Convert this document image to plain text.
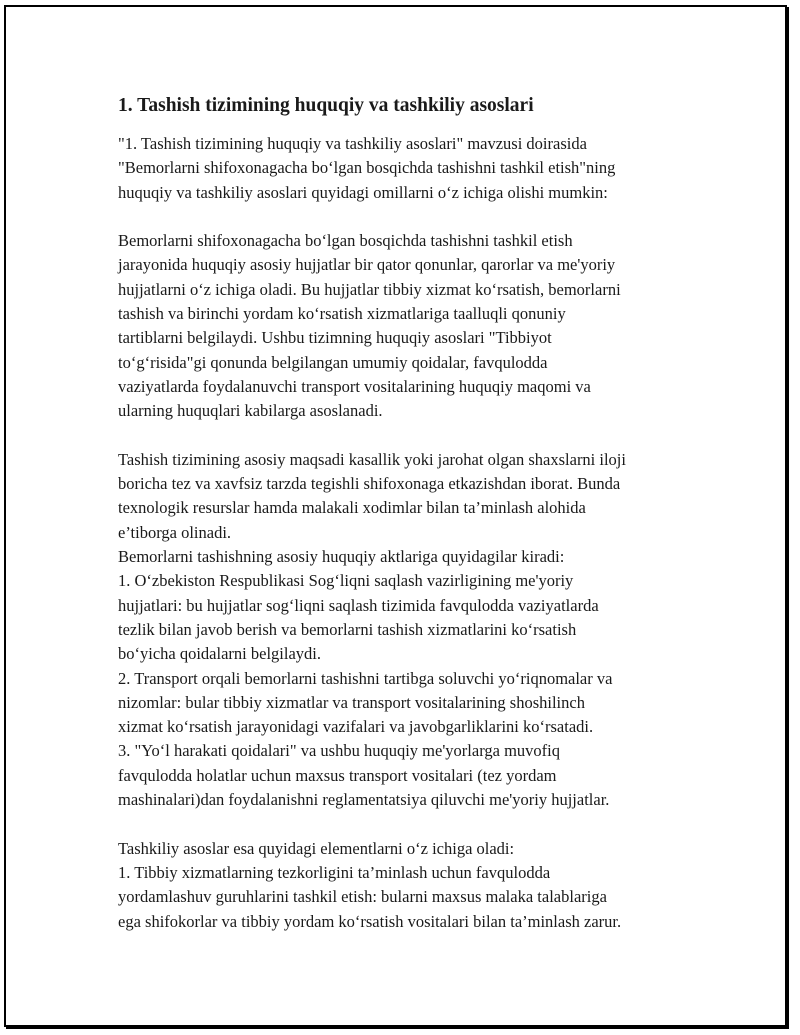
1. Tashish tizimining huquqiy va tashkiliy asoslari

"1. Tashish tizimining huquqiy va tashkiliy asoslari" mavzusi doirasida
"Bemorlarni shifoxonagacha bo‘lgan bosqichda tashishni tashkil etish"ning
huquqiy va tashkiliy asoslari quyidagi omillarni o‘z ichiga olishi mumkin:

Bemorlarni shifoxonagacha bo‘lgan bosqichda tashishni tashkil etish
jarayonida huquqiy asosiy hujjatlar bir qator qonunlar, qarorlar va me'yoriy
hujjatlarni o‘z ichiga oladi. Bu hujjatlar tibbiy xizmat ko‘rsatish, bemorlarni
tashish va birinchi yordam ko‘rsatish xizmatlariga taalluqli qonuniy
tartiblarni belgilaydi. Ushbu tizimning huquqiy asoslari "Tibbiyot
to‘g‘risida"gi qonunda belgilangan umumiy qoidalar, favqulodda
vaziyatlarda foydalanuvchi transport vositalarining huquqiy maqomi va
ularning huquqlari kabilarga asoslanadi.

Tashish tizimining asosiy maqsadi kasallik yoki jarohat olgan shaxslarni iloji
boricha tez va xavfsiz tarzda tegishli shifoxonaga etkazishdan iborat. Bunda
texnologik resurslar hamda malakali xodimlar bilan ta’minlash alohida
e’tiborga olinadi.
Bemorlarni tashishning asosiy huquqiy aktlariga quyidagilar kiradi:
1. O‘zbekiston Respublikasi Sog‘liqni saqlash vazirligining me'yoriy
hujjatlari: bu hujjatlar sog‘liqni saqlash tizimida favqulodda vaziyatlarda
tezlik bilan javob berish va bemorlarni tashish xizmatlarini ko‘rsatish
bo‘yicha qoidalarni belgilaydi.
2. Transport orqali bemorlarni tashishni tartibga soluvchi yo‘riqnomalar va
nizomlar: bular tibbiy xizmatlar va transport vositalarining shoshilinch
xizmat ko‘rsatish jarayonidagi vazifalari va javobgarliklarini ko‘rsatadi.
3. "Yo‘l harakati qoidalari" va ushbu huquqiy me'yorlarga muvofiq
favqulodda holatlar uchun maxsus transport vositalari (tez yordam
mashinalari)dan foydalanishni reglamentatsiya qiluvchi me'yoriy hujjatlar.

Tashkiliy asoslar esa quyidagi elementlarni o‘z ichiga oladi:
1. Tibbiy xizmatlarning tezkorligini ta’minlash uchun favqulodda
yordamlashuv guruhlarini tashkil etish: bularni maxsus malaka talablariga
ega shifokorlar va tibbiy yordam ko‘rsatish vositalari bilan ta’minlash zarur.
